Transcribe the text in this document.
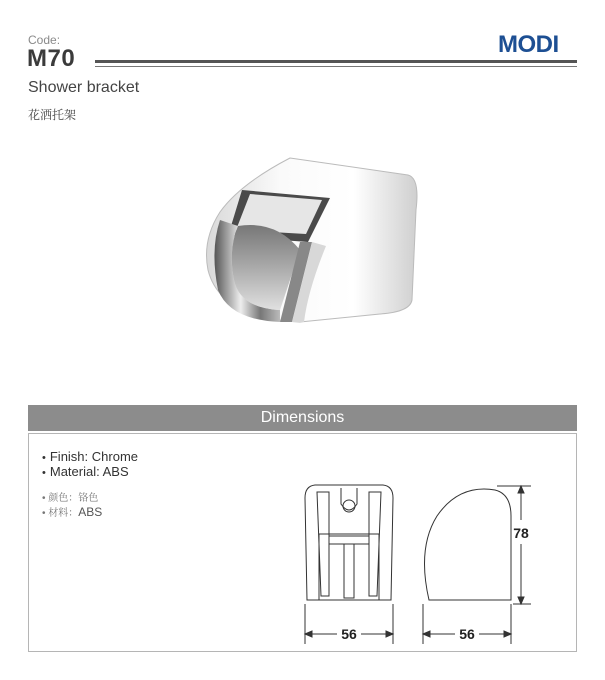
Code:
M70
MODI
Shower bracket
花洒托架
Dimensions
• Finish: Chrome
• Material: ABS
• 颜色：铬色
• 材料：ABS
56
78
56
